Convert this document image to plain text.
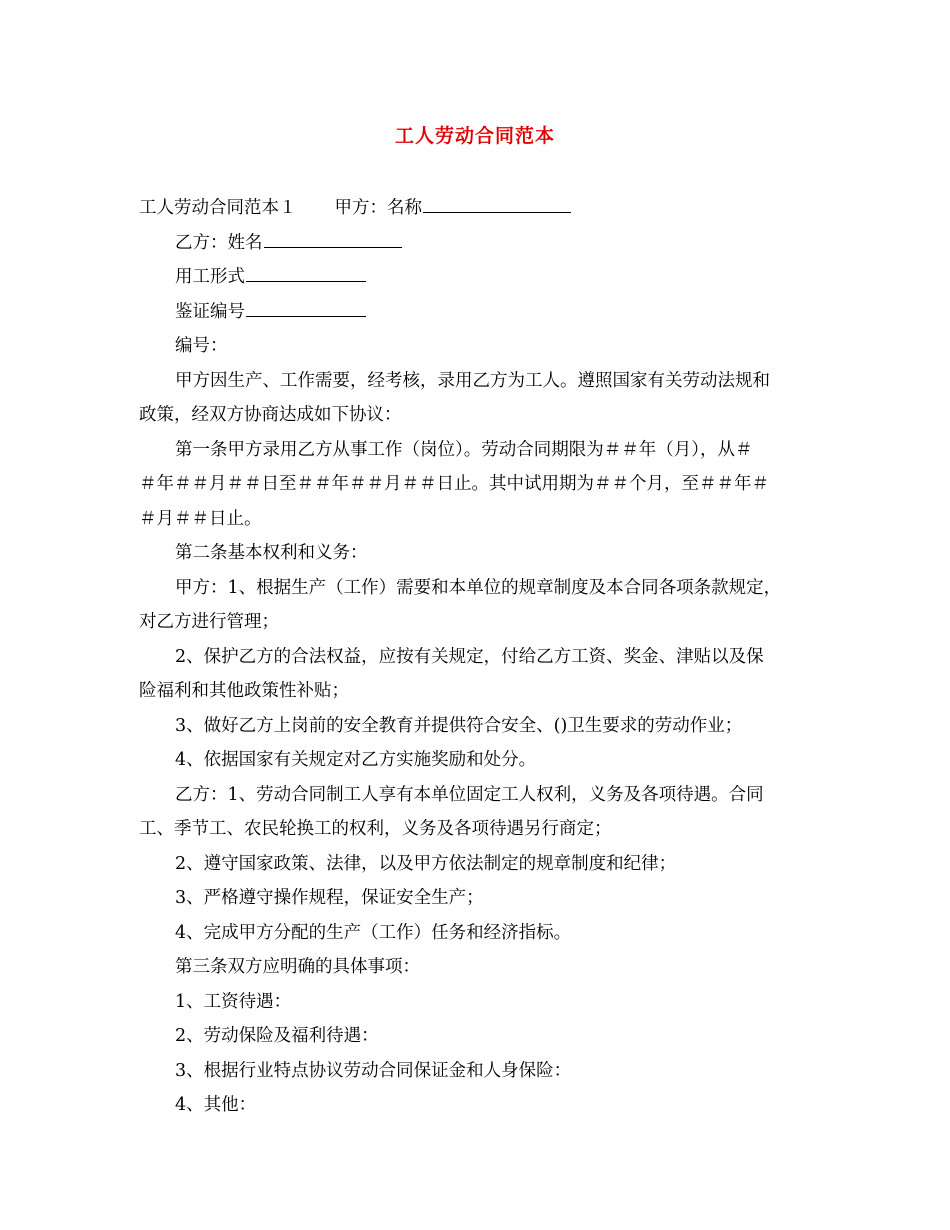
工人劳动合同范本
工人劳动合同范本１ 甲方：名称
乙方：姓名
用工形式
鉴证编号
编号：
甲方因生产、工作需要，经考核，录用乙方为工人。遵照国家有关劳动法规和
政策，经双方协商达成如下协议：
第一条甲方录用乙方从事工作（岗位）。劳动合同期限为＃＃年（月），从＃
＃年＃＃月＃＃日至＃＃年＃＃月＃＃日止。其中试用期为＃＃个月，至＃＃年＃
＃月＃＃日止。
第二条基本权利和义务：
甲方：1、根据生产（工作）需要和本单位的规章制度及本合同各项条款规定，
对乙方进行管理；
2、保护乙方的合法权益，应按有关规定，付给乙方工资、奖金、津贴以及保
险福利和其他政策性补贴；
3、做好乙方上岗前的安全教育并提供符合安全、()卫生要求的劳动作业；
4、依据国家有关规定对乙方实施奖励和处分。
乙方：1、劳动合同制工人享有本单位固定工人权利，义务及各项待遇。合同
工、季节工、农民轮换工的权利，义务及各项待遇另行商定；
2、遵守国家政策、法律，以及甲方依法制定的规章制度和纪律；
3、严格遵守操作规程，保证安全生产；
4、完成甲方分配的生产（工作）任务和经济指标。
第三条双方应明确的具体事项：
1、工资待遇：
2、劳动保险及福利待遇：
3、根据行业特点协议劳动合同保证金和人身保险：
4、其他：
